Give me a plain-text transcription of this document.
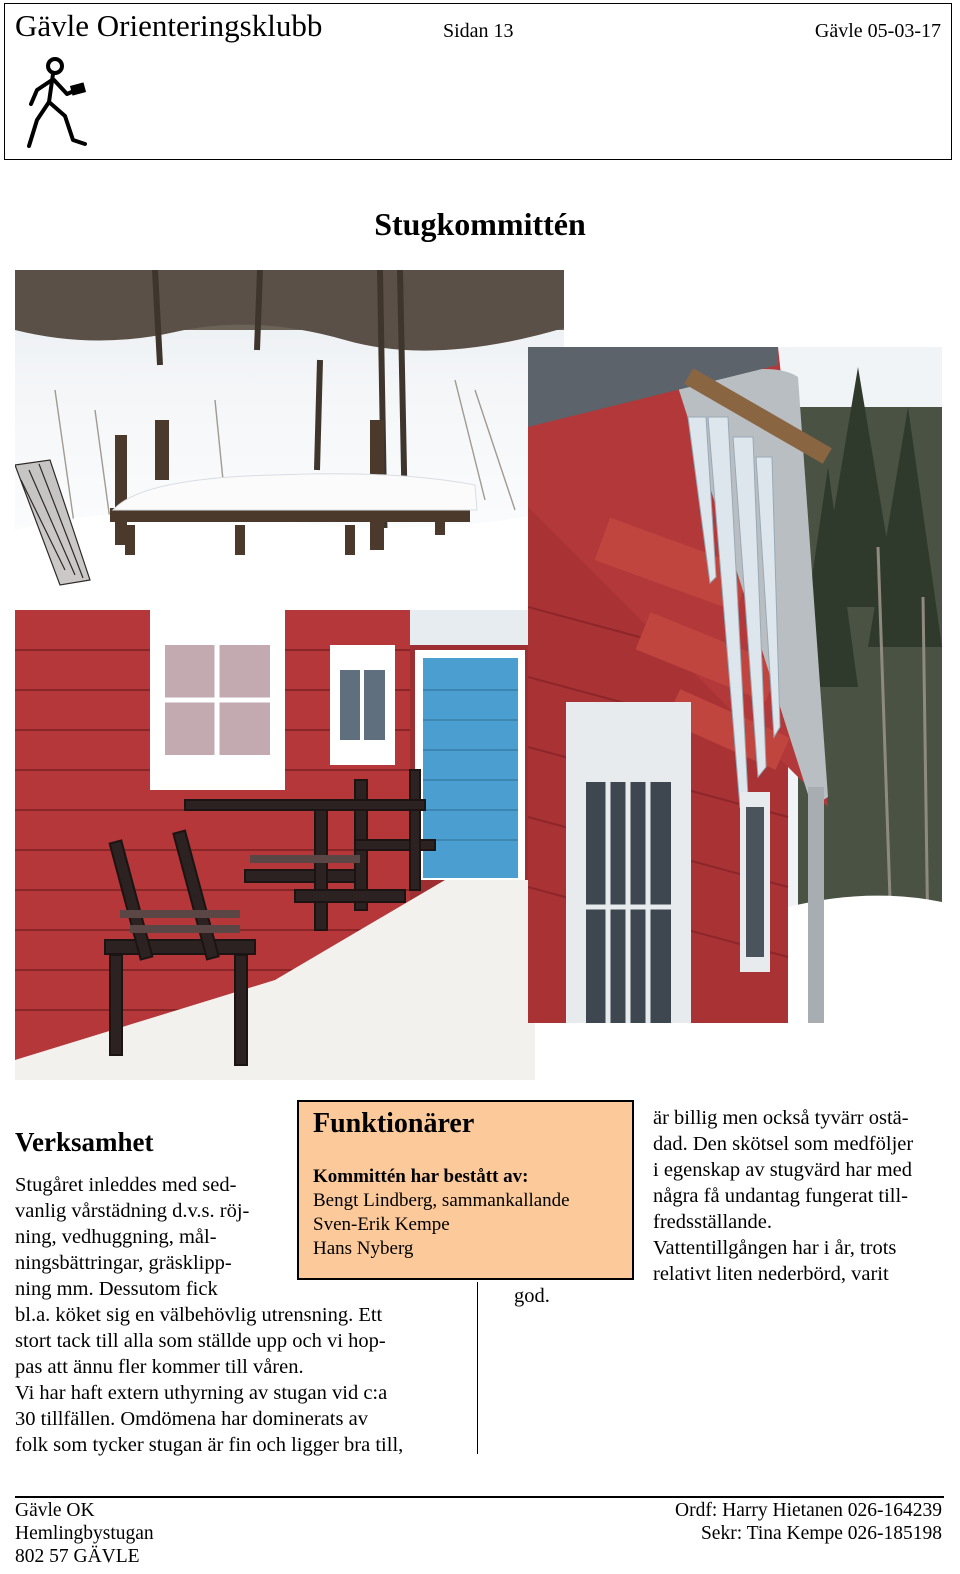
Gävle Orienteringsklubb	Sidan 13	Gävle 05-03-17
Stugkommittén
Funktionärer
Kommittén har bestått av:
Bengt Lindberg, sammankallande
Sven-Erik Kempe
Hans Nyberg
Verksamhet
Stugåret inleddes med sed-
vanlig vårstädning d.v.s. röj-
ning, vedhuggning, mål-
ningsbättringar, gräsklipp-
ning mm. Dessutom fick
bl.a. köket sig en välbehövlig utrensning. Ett
stort tack till alla som ställde upp och vi hop-
pas att ännu fler kommer till våren.
Vi har haft extern uthyrning av stugan vid c:a
30 tillfällen. Omdömena har dominerats av
folk som tycker stugan är fin och ligger bra till,
god.
är billig men också tyvärr ostä-
dad. Den skötsel som medföljer
i egenskap av stugvärd har med
några få undantag fungerat till-
fredsställande.
Vattentillgången har i år, trots
relativt liten nederbörd, varit
Gävle OK
Hemlingbystugan
802 57 GÄVLE
Ordf: Harry Hietanen 026-164239
Sekr: Tina Kempe 026-185198
